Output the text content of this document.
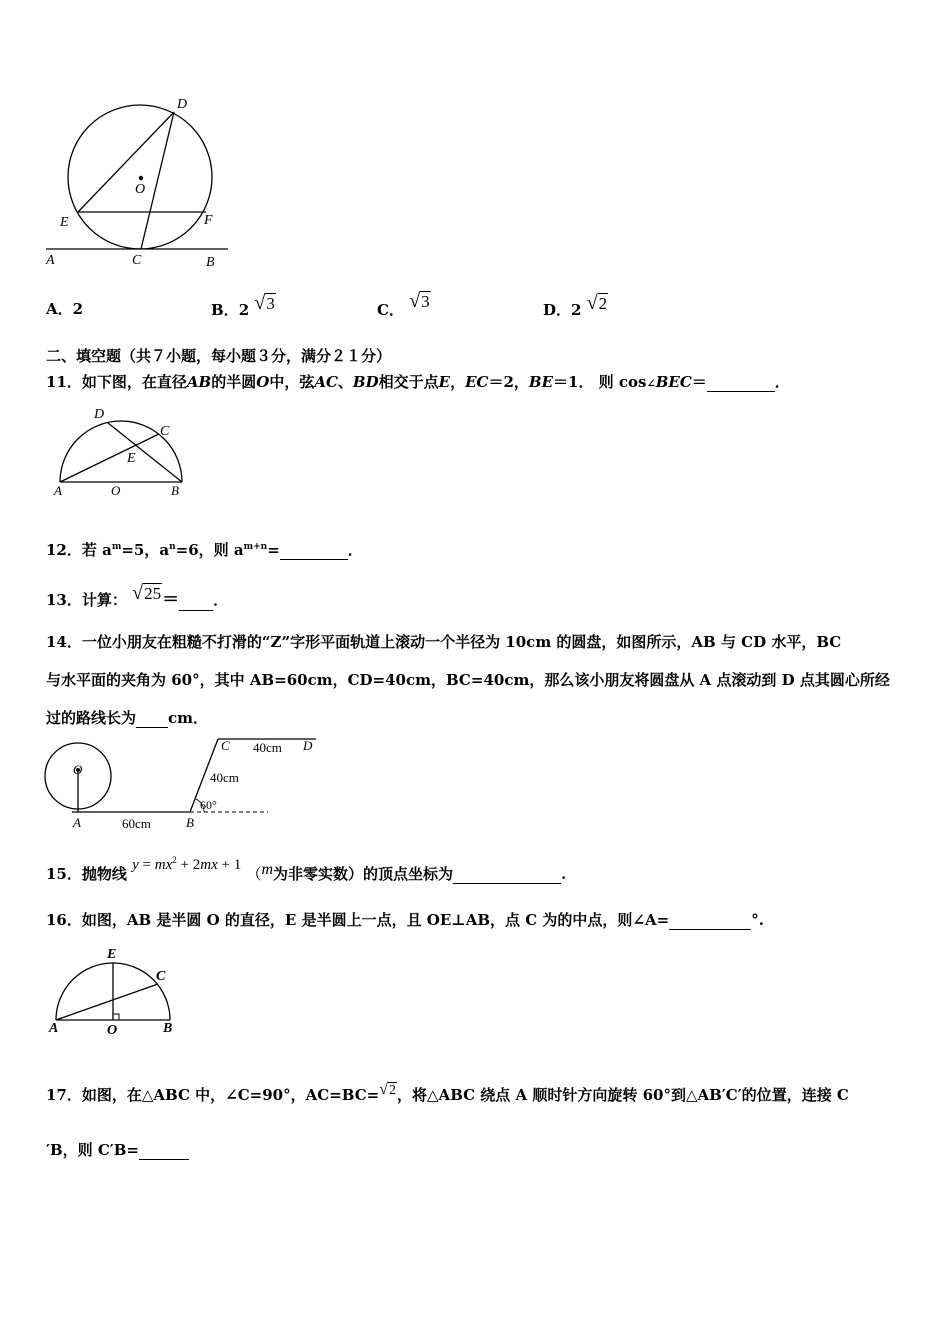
D
O
E	F
A	C	B
A．2	B．2 √3	C． √3	D．2 √2
二、填空题（共７小题，每小题３分，满分２１分）
11．如下图，在直径AB的半圆O中，弦AC、BD相交于点E，EC＝2，BE＝1． 则 cos∠BEC＝	．
D
C
E
A	O	B
12．若 $a^m=5$，$a^n=6$，则 $a^{m+n}=$	．
13．计算： √25＝ ．
14．一位小朋友在粗糙不打滑的“Z”字形平面轨道上滚动一个半径为 10cm 的圆盘，如图所示，AB 与 CD 水平，BC
与水平面的夹角为 60°，其中 AB=60cm，CD=40cm，BC=40cm，那么该小朋友将圆盘从 A 点滚动到 D 点其圆心所经
过的路线长为 cm．
O
A	60cm	B
60°
40cm
C 40cm D
15．抛物线 $y = mx^2 + 2mx + 1$ （m为非零实数）的顶点坐标为	.
16．如图，AB 是半圆 O 的直径，E 是半圆上一点，且 OE⊥AB，点 C 为的中点，则∠A=	°.
E
C
A	O	B
17．如图，在△ABC 中，∠C=90°，AC=BC=√2，将△ABC 绕点 A 顺时针方向旋转 60°到△AB′C′的位置，连接 C
′B，则 C′B=
